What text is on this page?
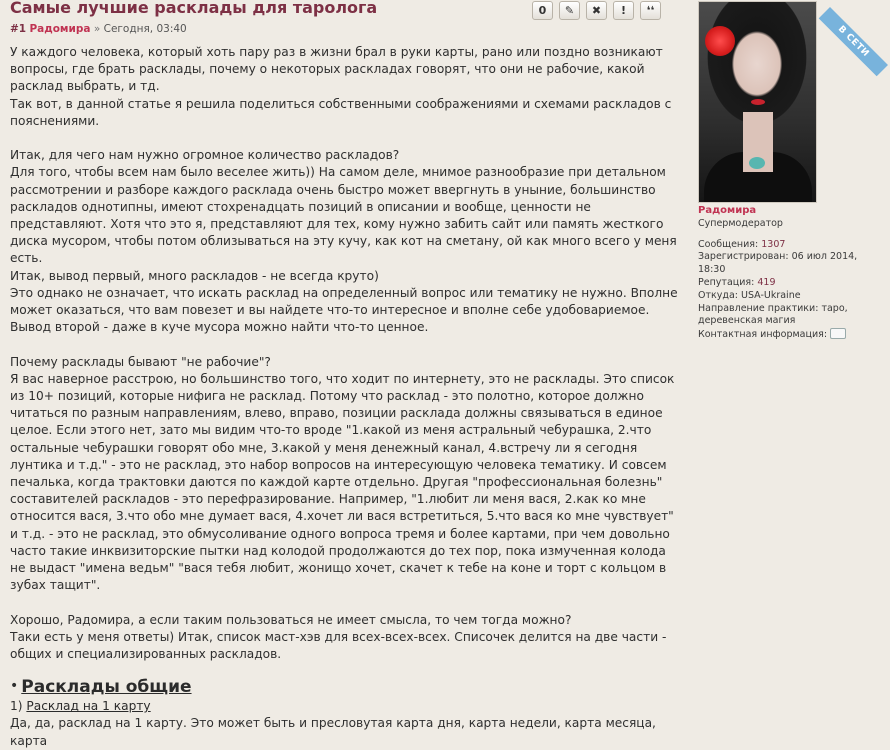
Самые лучшие расклады для таролога
#1 Радомира » Сегодня, 03:40
0	✎ ✖ ! ❛❛

У каждого человека, который хоть пару раз в жизни брал в руки карты, рано или поздно возникают вопросы, где брать расклады, почему о некоторых раскладах говорят, что они не рабочие, какой расклад выбрать, и тд.

Так вот, в данной статье я решила поделиться собственными соображениями и схемами раскладов с пояснениями.

Итак, для чего нам нужно огромное количество раскладов?

Для того, чтобы всем нам было веселее жить)) На самом деле, мнимое разнообразие при детальном рассмотрении и разборе каждого расклада очень быстро может ввергнуть в уныние, большинство раскладов однотипны, имеют стохренадцать позиций в описании и вообще, ценности не представляют. Хотя что это я, представляют для тех, кому нужно забить сайт или память жесткого диска мусором, чтобы потом облизываться на эту кучу, как кот на сметану, ой как много всего у меня есть.

Итак, вывод первый, много раскладов - не всегда круто)

Это однако не означает, что искать расклад на определенный вопрос или тематику не нужно. Вполне может оказаться, что вам повезет и вы найдете что-то интересное и вполне себе удобовариемое. Вывод второй - даже в куче мусора можно найти что-то ценное.

Почему расклады бывают "не рабочие"?

Я вас наверное расстрою, но большинство того, что ходит по интернету, это не расклады. Это список из 10+ позиций, которые нифига не расклад. Потому что расклад - это полотно, которое должно читаться по разным направлениям, влево, вправо, позиции расклада должны связываться в единое целое. Если этого нет, зато мы видим что-то вроде "1.какой из меня астральный чебурашка, 2.что остальные чебурашки говорят обо мне, 3.какой у меня денежный канал, 4.встречу ли я сегодня лунтика и т.д." - это не расклад, это набор вопросов на интересующую человека тематику. И совсем печалька, когда трактовки даются по каждой карте отдельно. Другая "профессиональная болезнь" составителей раскладов - это перефразирование. Например, "1.любит ли меня вася, 2.как ко мне относится вася, 3.что обо мне думает вася, 4.хочет ли вася встретиться, 5.что вася ко мне чувствует" и т.д. - это не расклад, это обмусоливание одного вопроса тремя и более картами, при чем довольно часто такие инквизиторские пытки над колодой продолжаются до тех пор, пока измученная колода не выдаст "имена ведьм" "вася тебя любит, жонищо хочет, скачет к тебе на коне и торт с кольцом в зубах тащит".

Хорошо, Радомира, а если таким пользоваться не имеет смысла, то чем тогда можно?

Таки есть у меня ответы) Итак, список маст-хэв для всех-всех-всех. Списочек делится на две части - общих и специализированных раскладов.

• Расклады общие

1) Расклад на 1 карту

Да, да, расклад на 1 карту. Это может быть и пресловутая карта дня, карта недели, карта месяца, карта

В СЕТИ
Радомира
Супермодератор
Сообщения: 1307
Зарегистрирован: 06 июл 2014, 18:30
Репутация: 419
Откуда: USA-Ukraine
Направление практики: таро, деревенская магия
Контактная информация:
